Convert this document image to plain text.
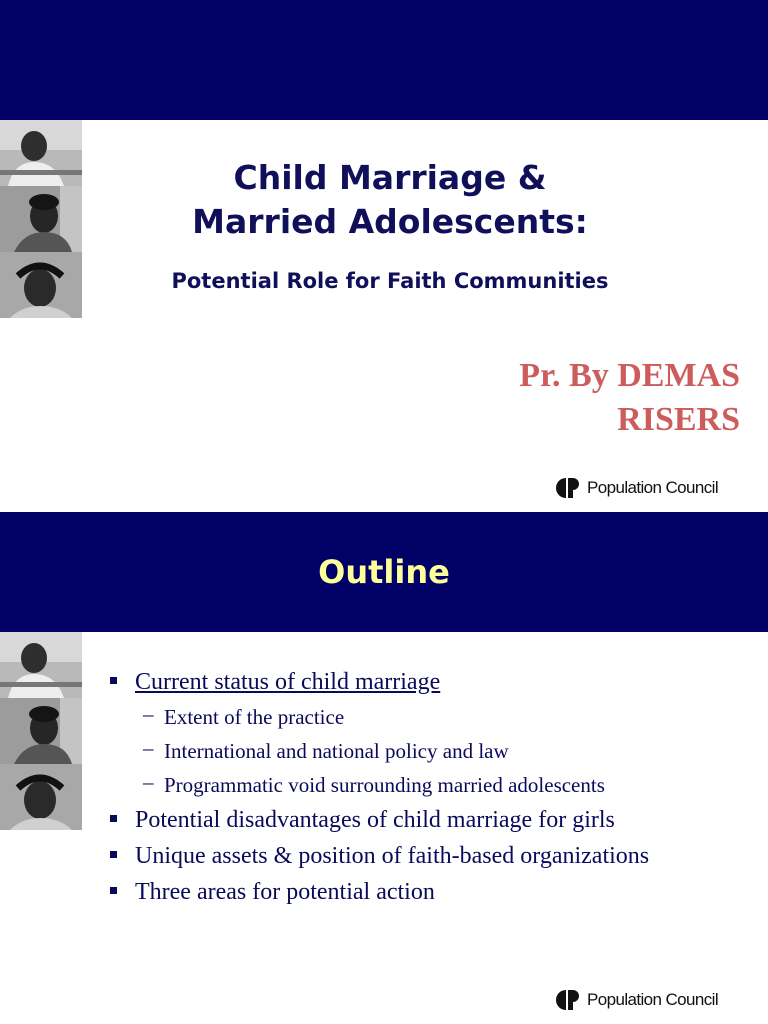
Child Marriage &
Married Adolescents:

Potential Role for Faith Communities

Pr. By DEMAS
RISERS

Population Council
Outline
Current status of child marriage
– Extent of the practice
– International and national policy and law
– Programmatic void surrounding married adolescents
Potential disadvantages of child marriage for girls
Unique assets & position of faith-based organizations
Three areas for potential action
Population Council
